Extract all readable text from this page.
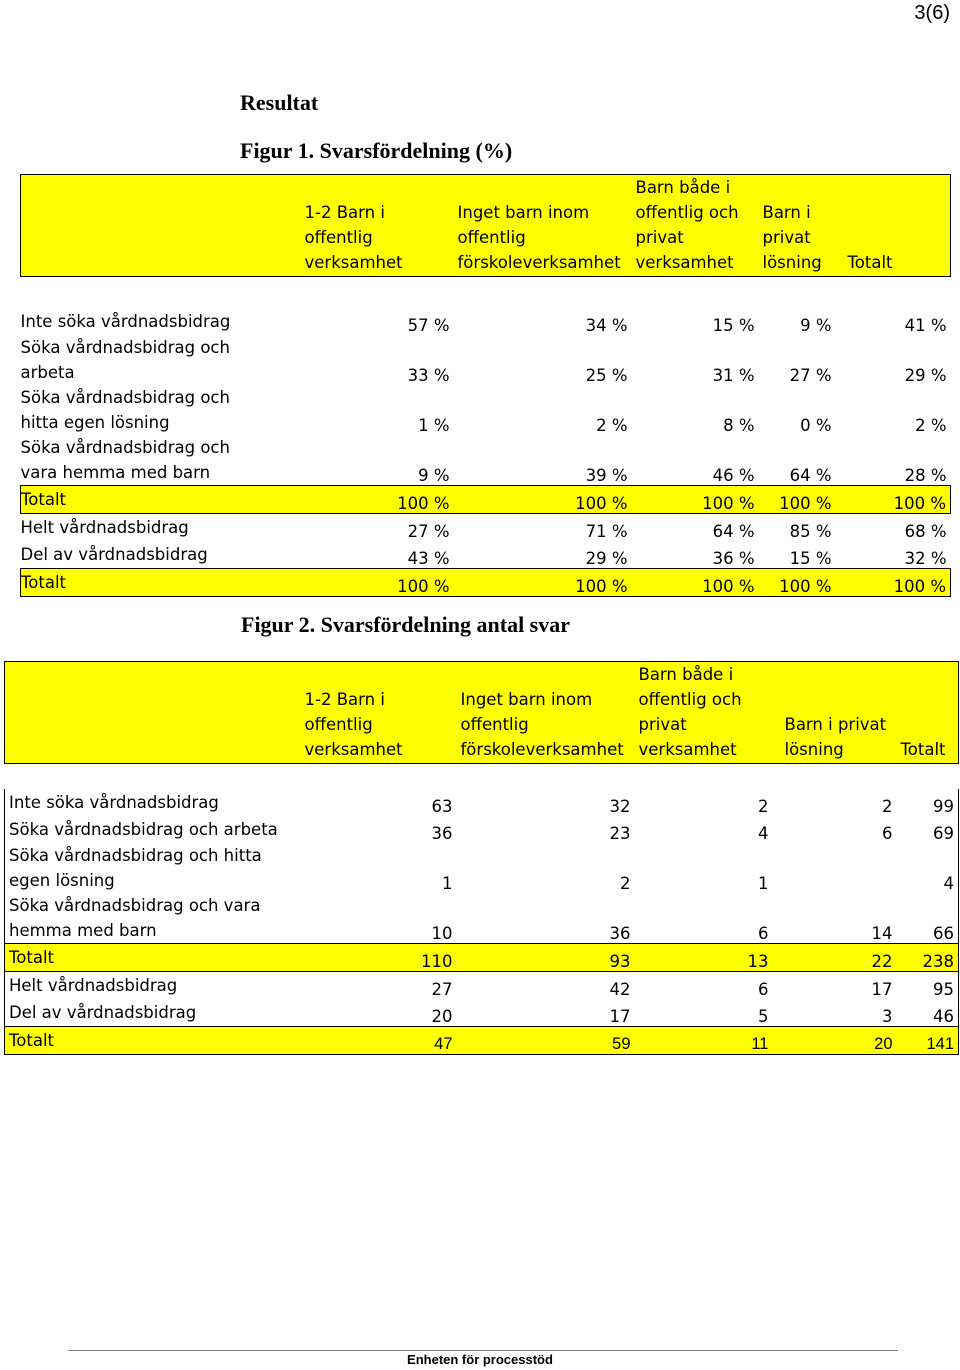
3(6)
Resultat
Figur 1. Svarsfördelning (%)
	1-2 Barn i offentlig
verksamhet	Inget barn inom
offentlig
förskoleverksamhet	Barn både i
offentlig och
privat
verksamhet	Barn i
privat
lösning	Totalt

Inte söka vårdnadsbidrag	57 %	34 %	15 %	9 %	41 %
Söka vårdnadsbidrag och
arbeta	33 %	25 %	31 %	27 %	29 %
Söka vårdnadsbidrag och
hitta egen lösning	1 %	2 %	8 %	0 %	2 %
Söka vårdnadsbidrag och
vara hemma med barn	9 %	39 %	46 %	64 %	28 %
Totalt	100 %	100 %	100 %	100 %	100 %
Helt vårdnadsbidrag	27 %	71 %	64 %	85 %	68 %
Del av vårdnadsbidrag	43 %	29 %	36 %	15 %	32 %
Totalt	100 %	100 %	100 %	100 %	100 %
Figur 2. Svarsfördelning antal svar
	1-2 Barn i
offentlig
verksamhet	Inget barn inom
offentlig
förskoleverksamhet	Barn både i
offentlig och
privat
verksamhet	Barn i privat
lösning	Totalt

Inte söka vårdnadsbidrag	63	32	2	2	99
Söka vårdnadsbidrag och arbeta	36	23	4	6	69
Söka vårdnadsbidrag och hitta
egen lösning	1	2	1		4
Söka vårdnadsbidrag och vara
hemma med barn	10	36	6	14	66
Totalt	110	93	13	22	238
Helt vårdnadsbidrag	27	42	6	17	95
Del av vårdnadsbidrag	20	17	5	3	46
Totalt	47	59	11	20	141
Enheten för processtöd
